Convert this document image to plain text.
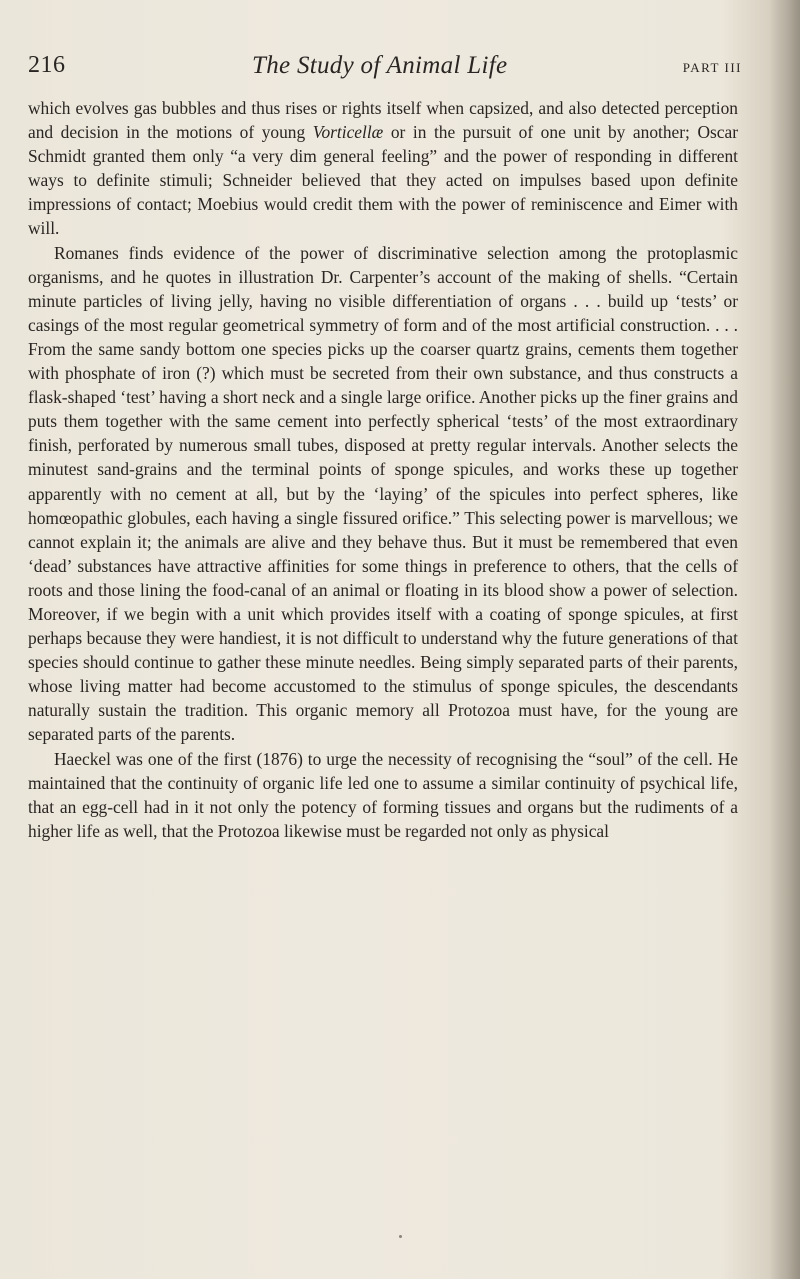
216	The Study of Animal Life	PART III

which evolves gas bubbles and thus rises or rights itself when capsized, and also detected perception and decision in the motions of young Vorticellæ or in the pursuit of one unit by another; Oscar Schmidt granted them only “a very dim general feeling” and the power of responding in different ways to definite stimuli; Schneider believed that they acted on impulses based upon definite impressions of contact; Moebius would credit them with the power of reminiscence and Eimer with will.

Romanes finds evidence of the power of discriminative selection among the protoplasmic organisms, and he quotes in illustration Dr. Carpenter’s account of the making of shells. “Certain minute particles of living jelly, having no visible differentiation of organs . . . build up ‘tests’ or casings of the most regular geometrical symmetry of form and of the most artificial construction. . . . From the same sandy bottom one species picks up the coarser quartz grains, cements them together with phosphate of iron (?) which must be secreted from their own substance, and thus constructs a flask-shaped ‘test’ having a short neck and a single large orifice. Another picks up the finer grains and puts them together with the same cement into perfectly spherical ‘tests’ of the most extraordinary finish, perforated by numerous small tubes, disposed at pretty regular intervals. Another selects the minutest sand-grains and the terminal points of sponge spicules, and works these up together apparently with no cement at all, but by the ‘laying’ of the spicules into perfect spheres, like homœopathic globules, each having a single fissured orifice.” This selecting power is marvellous; we cannot explain it; the animals are alive and they behave thus. But it must be remembered that even ‘dead’ substances have attractive affinities for some things in preference to others, that the cells of roots and those lining the food-canal of an animal or floating in its blood show a power of selection. Moreover, if we begin with a unit which provides itself with a coating of sponge spicules, at first perhaps because they were handiest, it is not difficult to understand why the future generations of that species should continue to gather these minute needles. Being simply separated parts of their parents, whose living matter had become accustomed to the stimulus of sponge spicules, the descendants naturally sustain the tradition. This organic memory all Protozoa must have, for the young are separated parts of the parents.

Haeckel was one of the first (1876) to urge the necessity of recognising the “soul” of the cell. He maintained that the continuity of organic life led one to assume a similar continuity of psychical life, that an egg-cell had in it not only the potency of forming tissues and organs but the rudiments of a higher life as well, that the Protozoa likewise must be regarded not only as physical
